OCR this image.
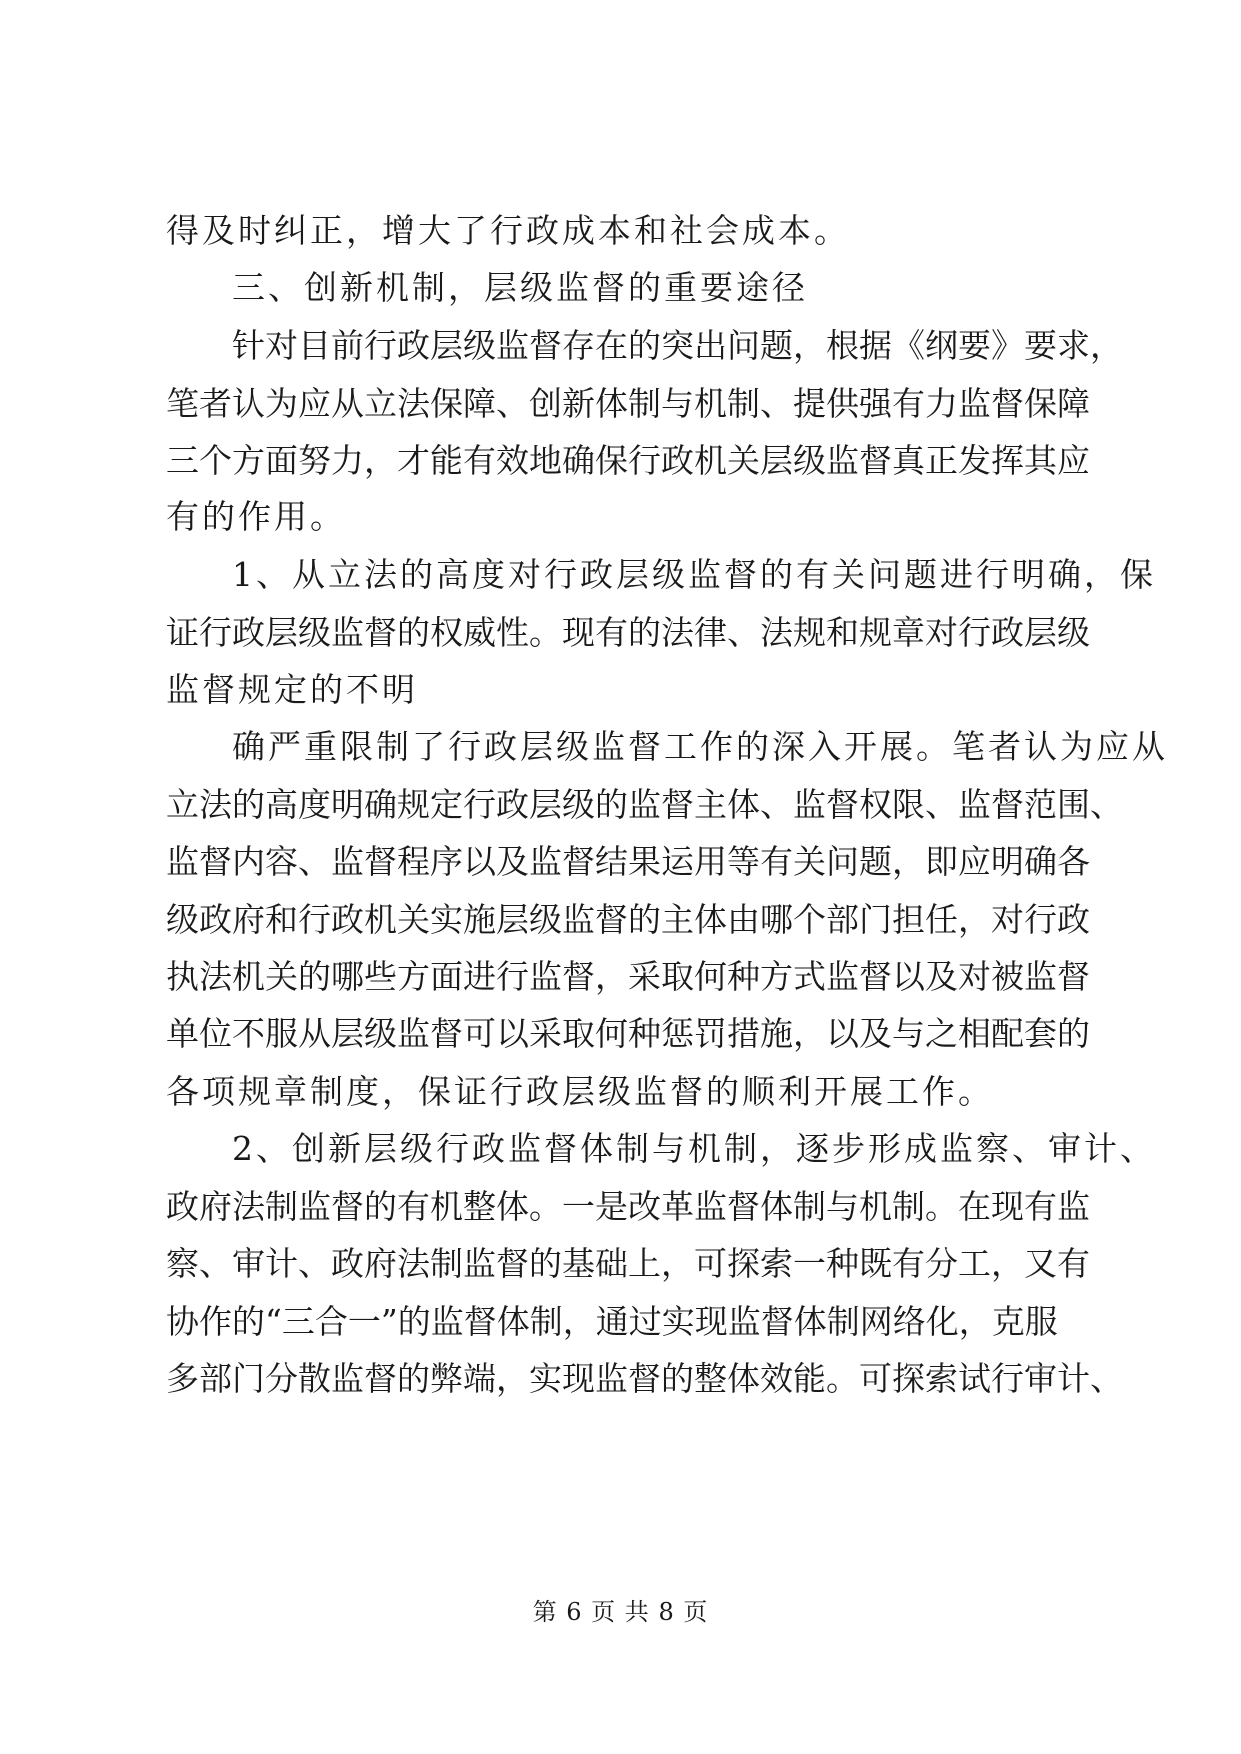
得及时纠正，增大了行政成本和社会成本。
三、创新机制，层级监督的重要途径
针对目前行政层级监督存在的突出问题，根据《纲要》要求，
笔者认为应从立法保障、创新体制与机制、提供强有力监督保障
三个方面努力，才能有效地确保行政机关层级监督真正发挥其应
有的作用。
1、从立法的高度对行政层级监督的有关问题进行明确，保
证行政层级监督的权威性。现有的法律、法规和规章对行政层级
监督规定的不明
确严重限制了行政层级监督工作的深入开展。笔者认为应从
立法的高度明确规定行政层级的监督主体、监督权限、监督范围、
监督内容、监督程序以及监督结果运用等有关问题，即应明确各
级政府和行政机关实施层级监督的主体由哪个部门担任，对行政
执法机关的哪些方面进行监督，采取何种方式监督以及对被监督
单位不服从层级监督可以采取何种惩罚措施，以及与之相配套的
各项规章制度，保证行政层级监督的顺利开展工作。
2、创新层级行政监督体制与机制，逐步形成监察、审计、
政府法制监督的有机整体。一是改革监督体制与机制。在现有监
察、审计、政府法制监督的基础上，可探索一种既有分工，又有
协作的“三合一”的监督体制，通过实现监督体制网络化，克服
多部门分散监督的弊端，实现监督的整体效能。可探索试行审计、
第 6 页 共 8 页
